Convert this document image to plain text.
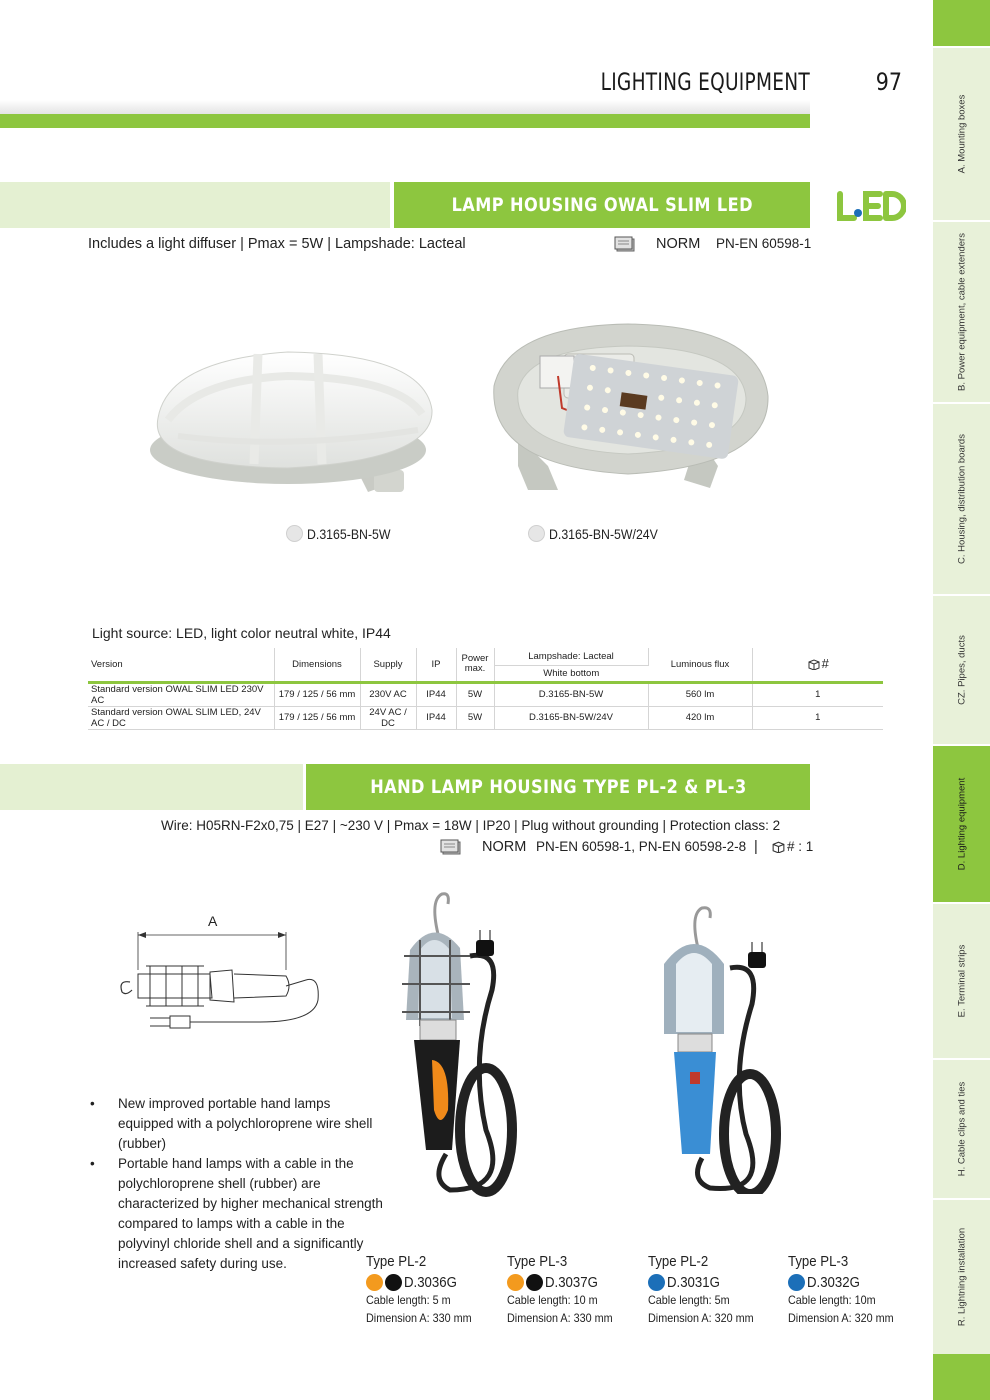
LIGHTING EQUIPMENT	97
A. Mounting boxes
B. Power equipment, cable extenders
C. Housing, distribution boards
CZ. Pipes, ducts
D. Lighting equipment
E. Terminal strips
H. Cable clips and ties
R. Lightning installation
LAMP HOUSING OWAL SLIM LED
Includes a light diffuser | Pmax = 5W | Lampshade: Lacteal	NORM PN-EN 60598-1
D.3165-BN-5W	D.3165-BN-5W/24V
Light source: LED, light color neutral white, IP44
Version	Dimensions	Supply	IP	Power max.	Lampshade: Lacteal	Luminous flux	#

					White bottom		
Standard version OWAL SLIM LED 230V AC	179 / 125 / 56 mm	230V AC	IP44	5W	D.3165-BN-5W	560 lm	1
Standard version OWAL SLIM LED, 24V AC / DC	179 / 125 / 56 mm	24V AC / DC	IP44	5W	D.3165-BN-5W/24V	420 lm	1
HAND LAMP HOUSING TYPE PL-2 & PL-3
Wire: H05RN-F2x0,75 | E27 | ~230 V | Pmax = 18W | IP20 | Plug without grounding | Protection class: 2
NORM PN-EN 60598-1, PN-EN 60598-2-8 | # : 1
A
• New improved portable hand lamps equipped with a polychloroprene wire shell (rubber)
• Portable hand lamps with a cable in the polychloroprene shell (rubber) are characterized by higher mechanical strength compared to lamps with a cable in the polyvinyl chloride shell and a significantly increased safety during use.	Type PL-2
D.3036G
Cable length: 5 m Dimension A: 330 mm
Type PL-3
D.3037G
Cable length: 10 m Dimension A: 330 mm
Type PL-2
D.3031G
Cable length: 5m Dimension A: 320 mm
Type PL-3
D.3032G
Cable length: 10m Dimension A: 320 mm
